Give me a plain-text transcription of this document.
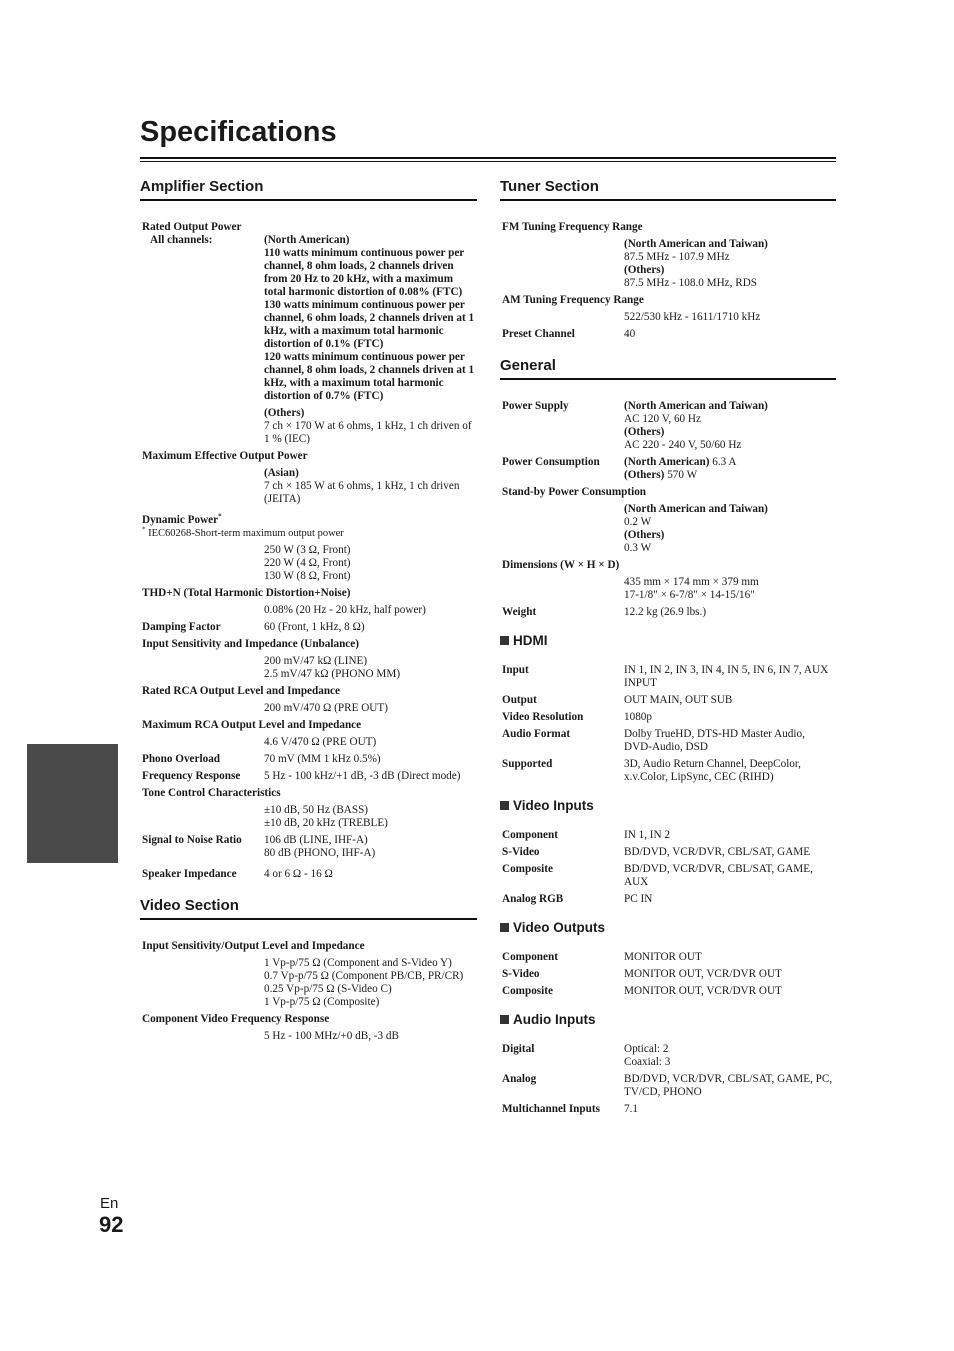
Specifications
Amplifier Section
Rated Output Power
All channels:	(North American)
110 watts minimum continuous power per channel, 8 ohm loads, 2 channels driven from 20 Hz to 20 kHz, with a maximum total harmonic distortion of 0.08% (FTC)
130 watts minimum continuous power per channel, 6 ohm loads, 2 channels driven at 1 kHz, with a maximum total harmonic distortion of 0.1% (FTC)
120 watts minimum continuous power per channel, 8 ohm loads, 2 channels driven at 1 kHz, with a maximum total harmonic distortion of 0.7% (FTC)
(Others)
7 ch × 170 W at 6 ohms, 1 kHz, 1 ch driven of 1 % (IEC)
Maximum Effective Output Power
(Asian)
7 ch × 185 W at 6 ohms, 1 kHz, 1 ch driven (JEITA)
Dynamic Power*
* IEC60268-Short-term maximum output power
250 W (3 Ω, Front)
220 W (4 Ω, Front)
130 W (8 Ω, Front)
THD+N (Total Harmonic Distortion+Noise)
0.08% (20 Hz - 20 kHz, half power)
Damping Factor	60 (Front, 1 kHz, 8 Ω)
Input Sensitivity and Impedance (Unbalance)
200 mV/47 kΩ (LINE)
2.5 mV/47 kΩ (PHONO MM)
Rated RCA Output Level and Impedance
200 mV/470 Ω (PRE OUT)
Maximum RCA Output Level and Impedance
4.6 V/470 Ω (PRE OUT)
Phono Overload	70 mV (MM 1 kHz 0.5%)
Frequency Response	5 Hz - 100 kHz/+1 dB, -3 dB (Direct mode)
Tone Control Characteristics
±10 dB, 50 Hz (BASS)
±10 dB, 20 kHz (TREBLE)
Signal to Noise Ratio	106 dB (LINE, IHF-A)
80 dB (PHONO, IHF-A)
Speaker Impedance	4 or 6 Ω - 16 Ω
Video Section
Input Sensitivity/Output Level and Impedance
1 Vp-p/75 Ω (Component and S-Video Y)
0.7 Vp-p/75 Ω (Component PB/CB, PR/CR)
0.25 Vp-p/75 Ω (S-Video C)
1 Vp-p/75 Ω (Composite)
Component Video Frequency Response
5 Hz - 100 MHz/+0 dB, -3 dB
Tuner Section
FM Tuning Frequency Range
(North American and Taiwan)
87.5 MHz - 107.9 MHz
(Others)
87.5 MHz - 108.0 MHz, RDS
AM Tuning Frequency Range
522/530 kHz - 1611/1710 kHz
Preset Channel	40
General
Power Supply	(North American and Taiwan)
AC 120 V, 60 Hz
(Others)
AC 220 - 240 V, 50/60 Hz
Power Consumption	(North American) 6.3 A
(Others) 570 W
Stand-by Power Consumption
(North American and Taiwan)
0.2 W
(Others)
0.3 W
Dimensions (W × H × D)
435 mm × 174 mm × 379 mm
17-1/8" × 6-7/8" × 14-15/16"
Weight	12.2 kg (26.9 lbs.)
HDMI
Input	IN 1, IN 2, IN 3, IN 4, IN 5, IN 6, IN 7, AUX INPUT
Output	OUT MAIN, OUT SUB
Video Resolution	1080p
Audio Format	Dolby TrueHD, DTS-HD Master Audio, DVD-Audio, DSD
Supported	3D, Audio Return Channel, DeepColor, x.v.Color, LipSync, CEC (RIHD)
Video Inputs
Component	IN 1, IN 2
S-Video	BD/DVD, VCR/DVR, CBL/SAT, GAME
Composite	BD/DVD, VCR/DVR, CBL/SAT, GAME, AUX
Analog RGB	PC IN
Video Outputs
Component	MONITOR OUT
S-Video	MONITOR OUT, VCR/DVR OUT
Composite	MONITOR OUT, VCR/DVR OUT
Audio Inputs
Digital	Optical: 2
Coaxial: 3
Analog	BD/DVD, VCR/DVR, CBL/SAT, GAME, PC, TV/CD, PHONO
Multichannel Inputs	7.1
En
92
